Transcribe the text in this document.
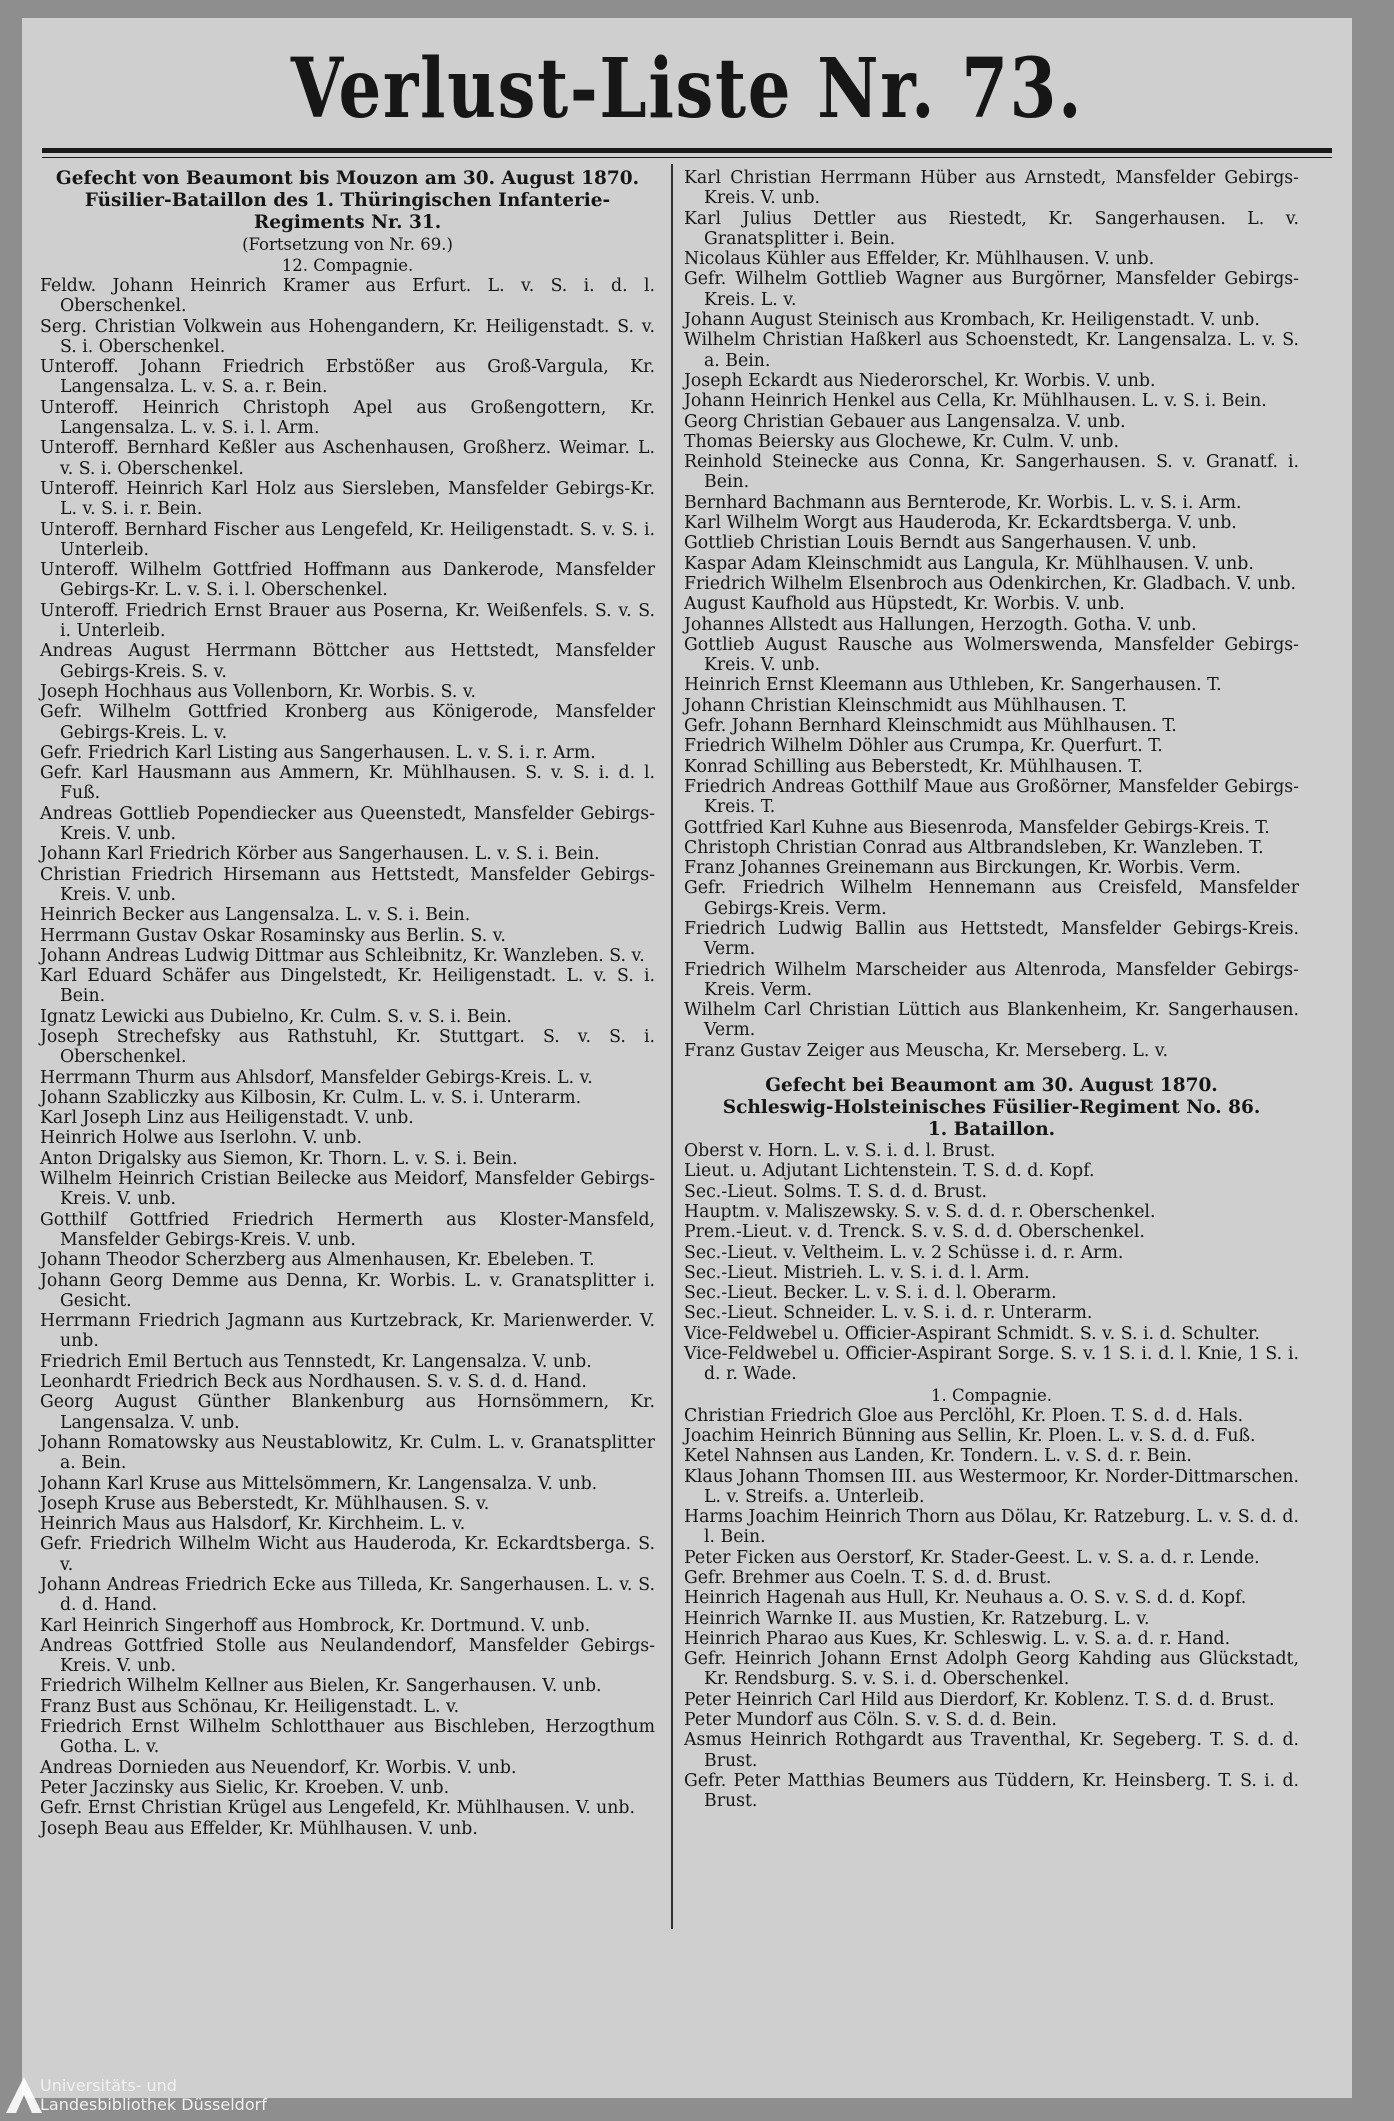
Verlust-Liste Nr. 73.
Gefecht von Beaumont bis Mouzon am 30. August 1870.
Füsilier-Bataillon des 1. Thüringischen Infanterie-Regiments Nr. 31.
(Fortsetzung von Nr. 69.)
12. Compagnie.
Feldw. Johann Heinrich Kramer aus Erfurt. L. v. S. i. d. l. Oberschenkel.
Serg. Christian Volkwein aus Hohengandern, Kr. Heiligenstadt. S. v. S. i. Oberschenkel.
Unteroff. Johann Friedrich Erbstößer aus Groß-Vargula, Kr. Langensalza. L. v. S. a. r. Bein.
Unteroff. Heinrich Christoph Apel aus Großengottern, Kr. Langensalza. L. v. S. i. l. Arm.
Unteroff. Bernhard Keßler aus Aschenhausen, Großherz. Weimar. L. v. S. i. Oberschenkel.
Unteroff. Heinrich Karl Holz aus Siersleben, Mansfelder Gebirgs-Kr. L. v. S. i. r. Bein.
Unteroff. Bernhard Fischer aus Lengefeld, Kr. Heiligenstadt. S. v. S. i. Unterleib.
Unteroff. Wilhelm Gottfried Hoffmann aus Dankerode, Mansfelder Gebirgs-Kr. L. v. S. i. l. Oberschenkel.
Unteroff. Friedrich Ernst Brauer aus Poserna, Kr. Weißenfels. S. v. S. i. Unterleib.
Andreas August Herrmann Böttcher aus Hettstedt, Mansfelder Gebirgs-Kreis. S. v.
Joseph Hochhaus aus Vollenborn, Kr. Worbis. S. v.
Gefr. Wilhelm Gottfried Kronberg aus Königerode, Mansfelder Gebirgs-Kreis. L. v.
Gefr. Friedrich Karl Listing aus Sangerhausen. L. v. S. i. r. Arm.
Gefr. Karl Hausmann aus Ammern, Kr. Mühlhausen. S. v. S. i. d. l. Fuß.
Andreas Gottlieb Popendiecker aus Queenstedt, Mansfelder Gebirgs-Kreis. V. unb.
Johann Karl Friedrich Körber aus Sangerhausen. L. v. S. i. Bein.
Christian Friedrich Hirsemann aus Hettstedt, Mansfelder Gebirgs-Kreis. V. unb.
Heinrich Becker aus Langensalza. L. v. S. i. Bein.
Herrmann Gustav Oskar Rosaminsky aus Berlin. S. v.
Johann Andreas Ludwig Dittmar aus Schleibnitz, Kr. Wanzleben. S. v.
Karl Eduard Schäfer aus Dingelstedt, Kr. Heiligenstadt. L. v. S. i. Bein.
Ignatz Lewicki aus Dubielno, Kr. Culm. S. v. S. i. Bein.
Joseph Strechefsky aus Rathstuhl, Kr. Stuttgart. S. v. S. i. Oberschenkel.
Herrmann Thurm aus Ahlsdorf, Mansfelder Gebirgs-Kreis. L. v.
Johann Szabliczky aus Kilbosin, Kr. Culm. L. v. S. i. Unterarm.
Karl Joseph Linz aus Heiligenstadt. V. unb.
Heinrich Holwe aus Iserlohn. V. unb.
Anton Drigalsky aus Siemon, Kr. Thorn. L. v. S. i. Bein.
Wilhelm Heinrich Cristian Beilecke aus Meidorf, Mansfelder Gebirgs-Kreis. V. unb.
Gotthilf Gottfried Friedrich Hermerth aus Kloster-Mansfeld, Mansfelder Gebirgs-Kreis. V. unb.
Johann Theodor Scherzberg aus Almenhausen, Kr. Ebeleben. T.
Johann Georg Demme aus Denna, Kr. Worbis. L. v. Granatsplitter i. Gesicht.
Herrmann Friedrich Jagmann aus Kurtzebrack, Kr. Marienwerder. V. unb.
Friedrich Emil Bertuch aus Tennstedt, Kr. Langensalza. V. unb.
Leonhardt Friedrich Beck aus Nordhausen. S. v. S. d. d. Hand.
Georg August Günther Blankenburg aus Hornsömmern, Kr. Langensalza. V. unb.
Johann Romatowsky aus Neustablowitz, Kr. Culm. L. v. Granatsplitter a. Bein.
Johann Karl Kruse aus Mittelsömmern, Kr. Langensalza. V. unb.
Joseph Kruse aus Beberstedt, Kr. Mühlhausen. S. v.
Heinrich Maus aus Halsdorf, Kr. Kirchheim. L. v.
Gefr. Friedrich Wilhelm Wicht aus Hauderoda, Kr. Eckardtsberga. S. v.
Johann Andreas Friedrich Ecke aus Tilleda, Kr. Sangerhausen. L. v. S. d. d. Hand.
Karl Heinrich Singerhoff aus Hombrock, Kr. Dortmund. V. unb.
Andreas Gottfried Stolle aus Neulandendorf, Mansfelder Gebirgs-Kreis. V. unb.
Friedrich Wilhelm Kellner aus Bielen, Kr. Sangerhausen. V. unb.
Franz Bust aus Schönau, Kr. Heiligenstadt. L. v.
Friedrich Ernst Wilhelm Schlotthauer aus Bischleben, Herzogthum Gotha. L. v.
Andreas Dornieden aus Neuendorf, Kr. Worbis. V. unb.
Peter Jaczinsky aus Sielic, Kr. Kroeben. V. unb.
Gefr. Ernst Christian Krügel aus Lengefeld, Kr. Mühlhausen. V. unb.
Joseph Beau aus Effelder, Kr. Mühlhausen. V. unb.
Karl Christian Herrmann Hüber aus Arnstedt, Mansfelder Gebirgs-Kreis. V. unb.
Karl Julius Dettler aus Riestedt, Kr. Sangerhausen. L. v. Granatsplitter i. Bein.
Nicolaus Kühler aus Effelder, Kr. Mühlhausen. V. unb.
Gefr. Wilhelm Gottlieb Wagner aus Burgörner, Mansfelder Gebirgs-Kreis. L. v.
Johann August Steinisch aus Krombach, Kr. Heiligenstadt. V. unb.
Wilhelm Christian Haßkerl aus Schoenstedt, Kr. Langensalza. L. v. S. a. Bein.
Joseph Eckardt aus Niederorschel, Kr. Worbis. V. unb.
Johann Heinrich Henkel aus Cella, Kr. Mühlhausen. L. v. S. i. Bein.
Georg Christian Gebauer aus Langensalza. V. unb.
Thomas Beiersky aus Glochewe, Kr. Culm. V. unb.
Reinhold Steinecke aus Conna, Kr. Sangerhausen. S. v. Granatf. i. Bein.
Bernhard Bachmann aus Bernterode, Kr. Worbis. L. v. S. i. Arm.
Karl Wilhelm Worgt aus Hauderoda, Kr. Eckardtsberga. V. unb.
Gottlieb Christian Louis Berndt aus Sangerhausen. V. unb.
Kaspar Adam Kleinschmidt aus Langula, Kr. Mühlhausen. V. unb.
Friedrich Wilhelm Elsenbroch aus Odenkirchen, Kr. Gladbach. V. unb.
August Kaufhold aus Hüpstedt, Kr. Worbis. V. unb.
Johannes Allstedt aus Hallungen, Herzogth. Gotha. V. unb.
Gottlieb August Rausche aus Wolmerswenda, Mansfelder Gebirgs-Kreis. V. unb.
Heinrich Ernst Kleemann aus Uthleben, Kr. Sangerhausen. T.
Johann Christian Kleinschmidt aus Mühlhausen. T.
Gefr. Johann Bernhard Kleinschmidt aus Mühlhausen. T.
Friedrich Wilhelm Döhler aus Crumpa, Kr. Querfurt. T.
Konrad Schilling aus Beberstedt, Kr. Mühlhausen. T.
Friedrich Andreas Gotthilf Maue aus Großörner, Mansfelder Gebirgs-Kreis. T.
Gottfried Karl Kuhne aus Biesenroda, Mansfelder Gebirgs-Kreis. T.
Christoph Christian Conrad aus Altbrandsleben, Kr. Wanzleben. T.
Franz Johannes Greinemann aus Birckungen, Kr. Worbis. Verm.
Gefr. Friedrich Wilhelm Hennemann aus Creisfeld, Mansfelder Gebirgs-Kreis. Verm.
Friedrich Ludwig Ballin aus Hettstedt, Mansfelder Gebirgs-Kreis. Verm.
Friedrich Wilhelm Marscheider aus Altenroda, Mansfelder Gebirgs-Kreis. Verm.
Wilhelm Carl Christian Lüttich aus Blankenheim, Kr. Sangerhausen. Verm.
Franz Gustav Zeiger aus Meuscha, Kr. Merseberg. L. v.
Gefecht bei Beaumont am 30. August 1870.
Schleswig-Holsteinisches Füsilier-Regiment No. 86.
1. Bataillon.
Oberst v. Horn. L. v. S. i. d. l. Brust.
Lieut. u. Adjutant Lichtenstein. T. S. d. d. Kopf.
Sec.-Lieut. Solms. T. S. d. d. Brust.
Hauptm. v. Maliszewsky. S. v. S. d. d. r. Oberschenkel.
Prem.-Lieut. v. d. Trenck. S. v. S. d. d. Oberschenkel.
Sec.-Lieut. v. Veltheim. L. v. 2 Schüsse i. d. r. Arm.
Sec.-Lieut. Mistrieh. L. v. S. i. d. l. Arm.
Sec.-Lieut. Becker. L. v. S. i. d. l. Oberarm.
Sec.-Lieut. Schneider. L. v. S. i. d. r. Unterarm.
Vice-Feldwebel u. Officier-Aspirant Schmidt. S. v. S. i. d. Schulter.
Vice-Feldwebel u. Officier-Aspirant Sorge. S. v. 1 S. i. d. l. Knie, 1 S. i. d. r. Wade.
1. Compagnie.
Christian Friedrich Gloe aus Perclöhl, Kr. Ploen. T. S. d. d. Hals.
Joachim Heinrich Bünning aus Sellin, Kr. Ploen. L. v. S. d. d. Fuß.
Ketel Nahnsen aus Landen, Kr. Tondern. L. v. S. d. r. Bein.
Klaus Johann Thomsen III. aus Westermoor, Kr. Norder-Dittmarschen. L. v. Streifs. a. Unterleib.
Harms Joachim Heinrich Thorn aus Dölau, Kr. Ratzeburg. L. v. S. d. d. l. Bein.
Peter Ficken aus Oerstorf, Kr. Stader-Geest. L. v. S. a. d. r. Lende.
Gefr. Brehmer aus Coeln. T. S. d. d. Brust.
Heinrich Hagenah aus Hull, Kr. Neuhaus a. O. S. v. S. d. d. Kopf.
Heinrich Warnke II. aus Mustien, Kr. Ratzeburg. L. v.
Heinrich Pharao aus Kues, Kr. Schleswig. L. v. S. a. d. r. Hand.
Gefr. Heinrich Johann Ernst Adolph Georg Kahding aus Glückstadt, Kr. Rendsburg. S. v. S. i. d. Oberschenkel.
Peter Heinrich Carl Hild aus Dierdorf, Kr. Koblenz. T. S. d. d. Brust.
Peter Mundorf aus Cöln. S. v. S. d. d. Bein.
Asmus Heinrich Rothgardt aus Traventhal, Kr. Segeberg. T. S. d. d. Brust.
Gefr. Peter Matthias Beumers aus Tüddern, Kr. Heinsberg. T. S. i. d. Brust.
Universitäts- und
Landesbibliothek Düsseldorf
